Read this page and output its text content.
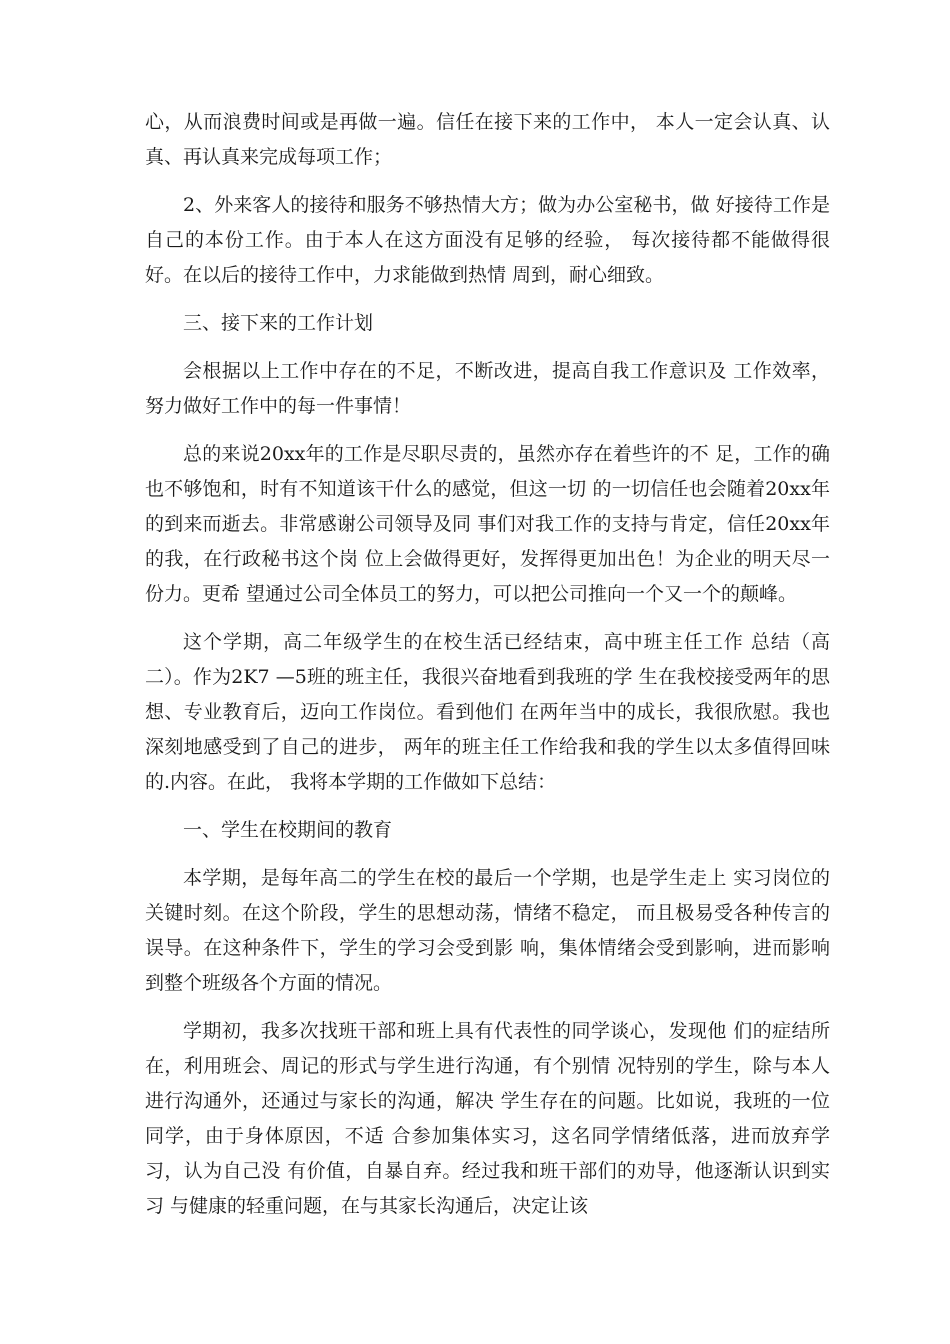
心，从而浪费时间或是再做一遍。信任在接下来的工作中， 本人一定会认真、认真、再认真来完成每项工作；

2、外来客人的接待和服务不够热情大方；做为办公室秘书，做 好接待工作是自己的本份工作。由于本人在这方面没有足够的经验， 每次接待都不能做得很好。在以后的接待工作中，力求能做到热情 周到，耐心细致。

三、接下来的工作计划

会根据以上工作中存在的不足，不断改进，提高自我工作意识及 工作效率，努力做好工作中的每一件事情！

总的来说20xx年的工作是尽职尽责的，虽然亦存在着些许的不 足，工作的确也不够饱和，时有不知道该干什么的感觉，但这一切 的一切信任也会随着20xx年的到来而逝去。非常感谢公司领导及同 事们对我工作的支持与肯定，信任20xx年的我，在行政秘书这个岗 位上会做得更好，发挥得更加出色！为企业的明天尽一份力。更希 望通过公司全体员工的努力，可以把公司推向一个又一个的颠峰。

这个学期，高二年级学生的在校生活已经结束，高中班主任工作 总结（高二）。作为2K7 —5班的班主任，我很兴奋地看到我班的学 生在我校接受两年的思想、专业教育后，迈向工作岗位。看到他们 在两年当中的成长，我很欣慰。我也深刻地感受到了自己的进步， 两年的班主任工作给我和我的学生以太多值得回味的.内容。在此， 我将本学期的工作做如下总结：

一、学生在校期间的教育

本学期，是每年高二的学生在校的最后一个学期，也是学生走上 实习岗位的关键时刻。在这个阶段，学生的思想动荡，情绪不稳定， 而且极易受各种传言的误导。在这种条件下，学生的学习会受到影 响，集体情绪会受到影响，进而影响到整个班级各个方面的情况。

学期初，我多次找班干部和班上具有代表性的同学谈心，发现他 们的症结所在，利用班会、周记的形式与学生进行沟通，有个别情 况特别的学生，除与本人进行沟通外，还通过与家长的沟通，解决 学生存在的问题。比如说，我班的一位同学，由于身体原因，不适 合参加集体实习，这名同学情绪低落，进而放弃学习，认为自己没 有价值，自暴自弃。经过我和班干部们的劝导，他逐渐认识到实习 与健康的轻重问题，在与其家长沟通后，决定让该
